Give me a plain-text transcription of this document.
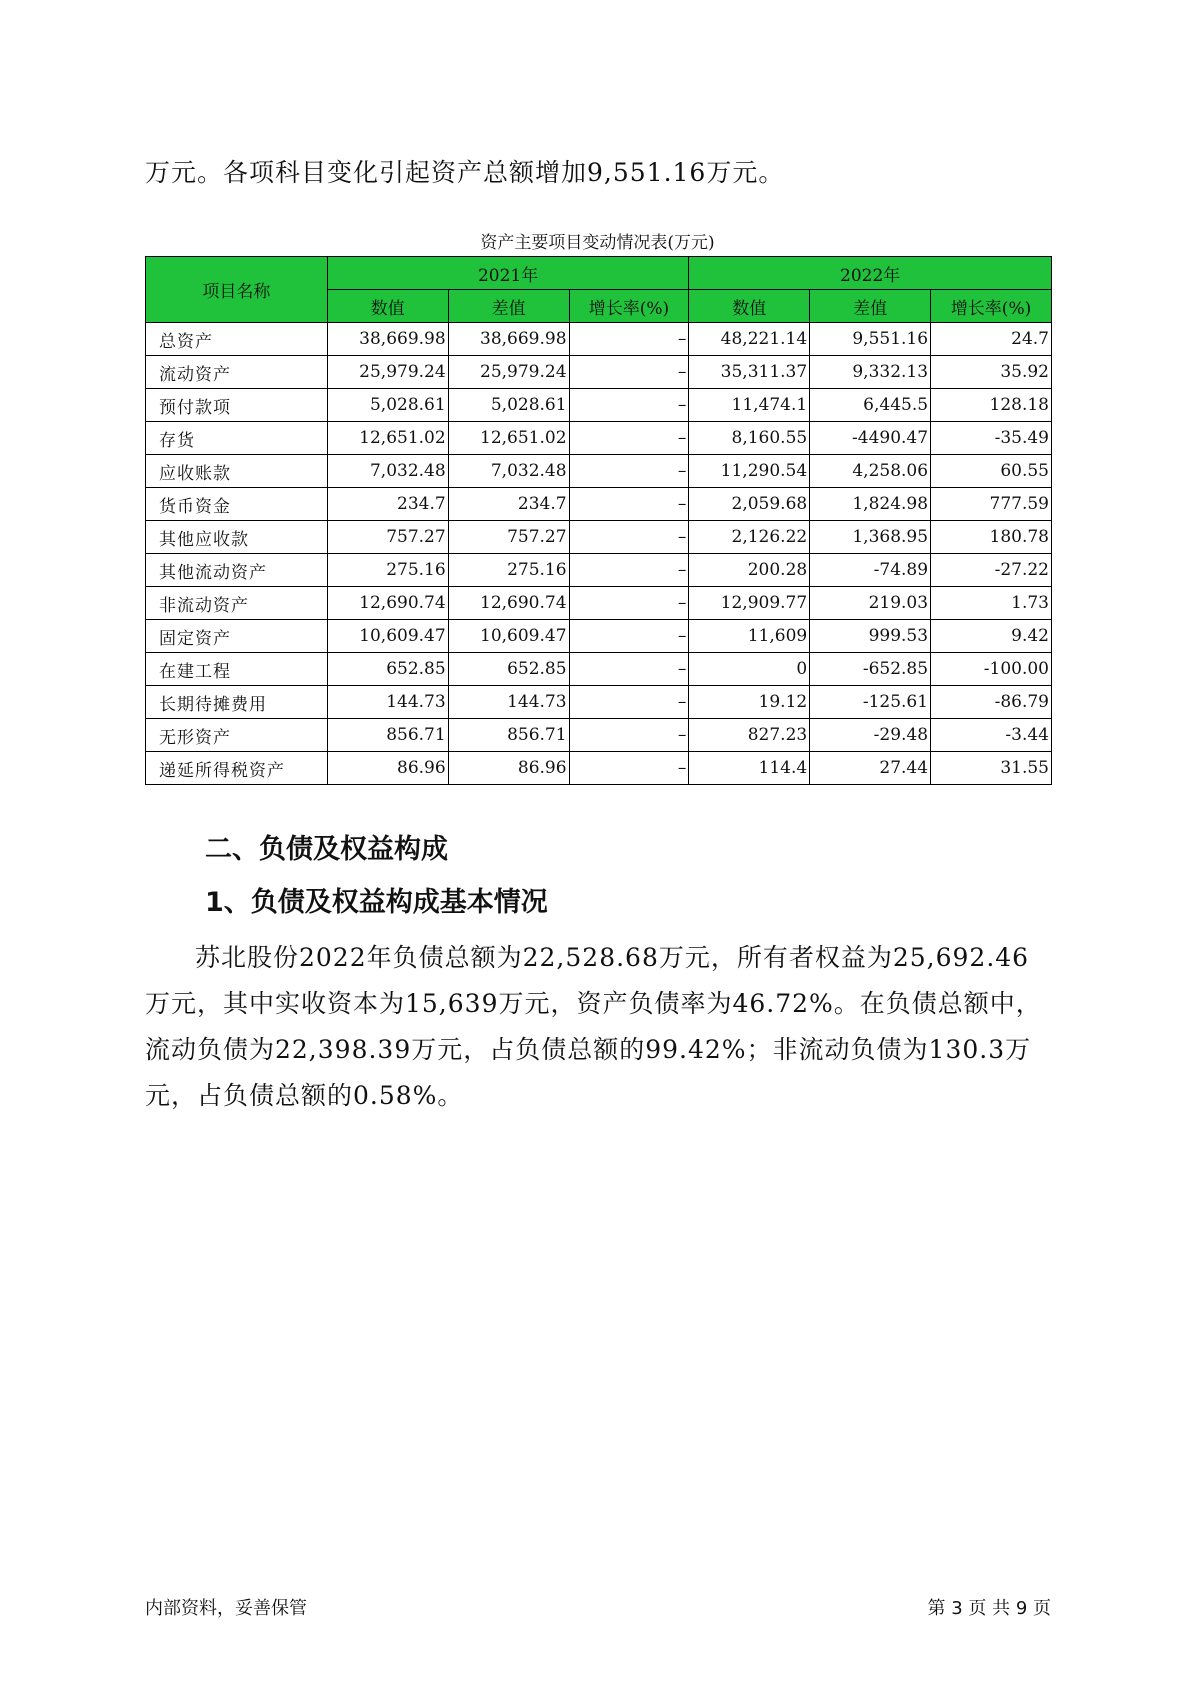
万元。各项科目变化引起资产总额增加9,551.16万元。
资产主要项目变动情况表(万元)
项目名称	2021年			2022年		
	数值	差值	增长率(%)	数值	差值	增长率(%)
总资产	38,669.98	38,669.98	–	48,221.14	9,551.16	24.7
流动资产	25,979.24	25,979.24	–	35,311.37	9,332.13	35.92
预付款项	5,028.61	5,028.61	–	11,474.1	6,445.5	128.18
存货	12,651.02	12,651.02	–	8,160.55	-4490.47	-35.49
应收账款	7,032.48	7,032.48	–	11,290.54	4,258.06	60.55
货币资金	234.7	234.7	–	2,059.68	1,824.98	777.59
其他应收款	757.27	757.27	–	2,126.22	1,368.95	180.78
其他流动资产	275.16	275.16	–	200.28	-74.89	-27.22
非流动资产	12,690.74	12,690.74	–	12,909.77	219.03	1.73
固定资产	10,609.47	10,609.47	–	11,609	999.53	9.42
在建工程	652.85	652.85	–	0	-652.85	-100.00
长期待摊费用	144.73	144.73	–	19.12	-125.61	-86.79
无形资产	856.71	856.71	–	827.23	-29.48	-3.44
递延所得税资产	86.96	86.96	–	114.4	27.44	31.55
二、负债及权益构成
1、负债及权益构成基本情况
苏北股份2022年负债总额为22,528.68万元，所有者权益为25,692.46万元，其中实收资本为15,639万元，资产负债率为46.72%。在负债总额中，流动负债为22,398.39万元，占负债总额的99.42%；非流动负债为130.3万元，占负债总额的0.58%。
内部资料，妥善保管	第 3 页 共 9 页
